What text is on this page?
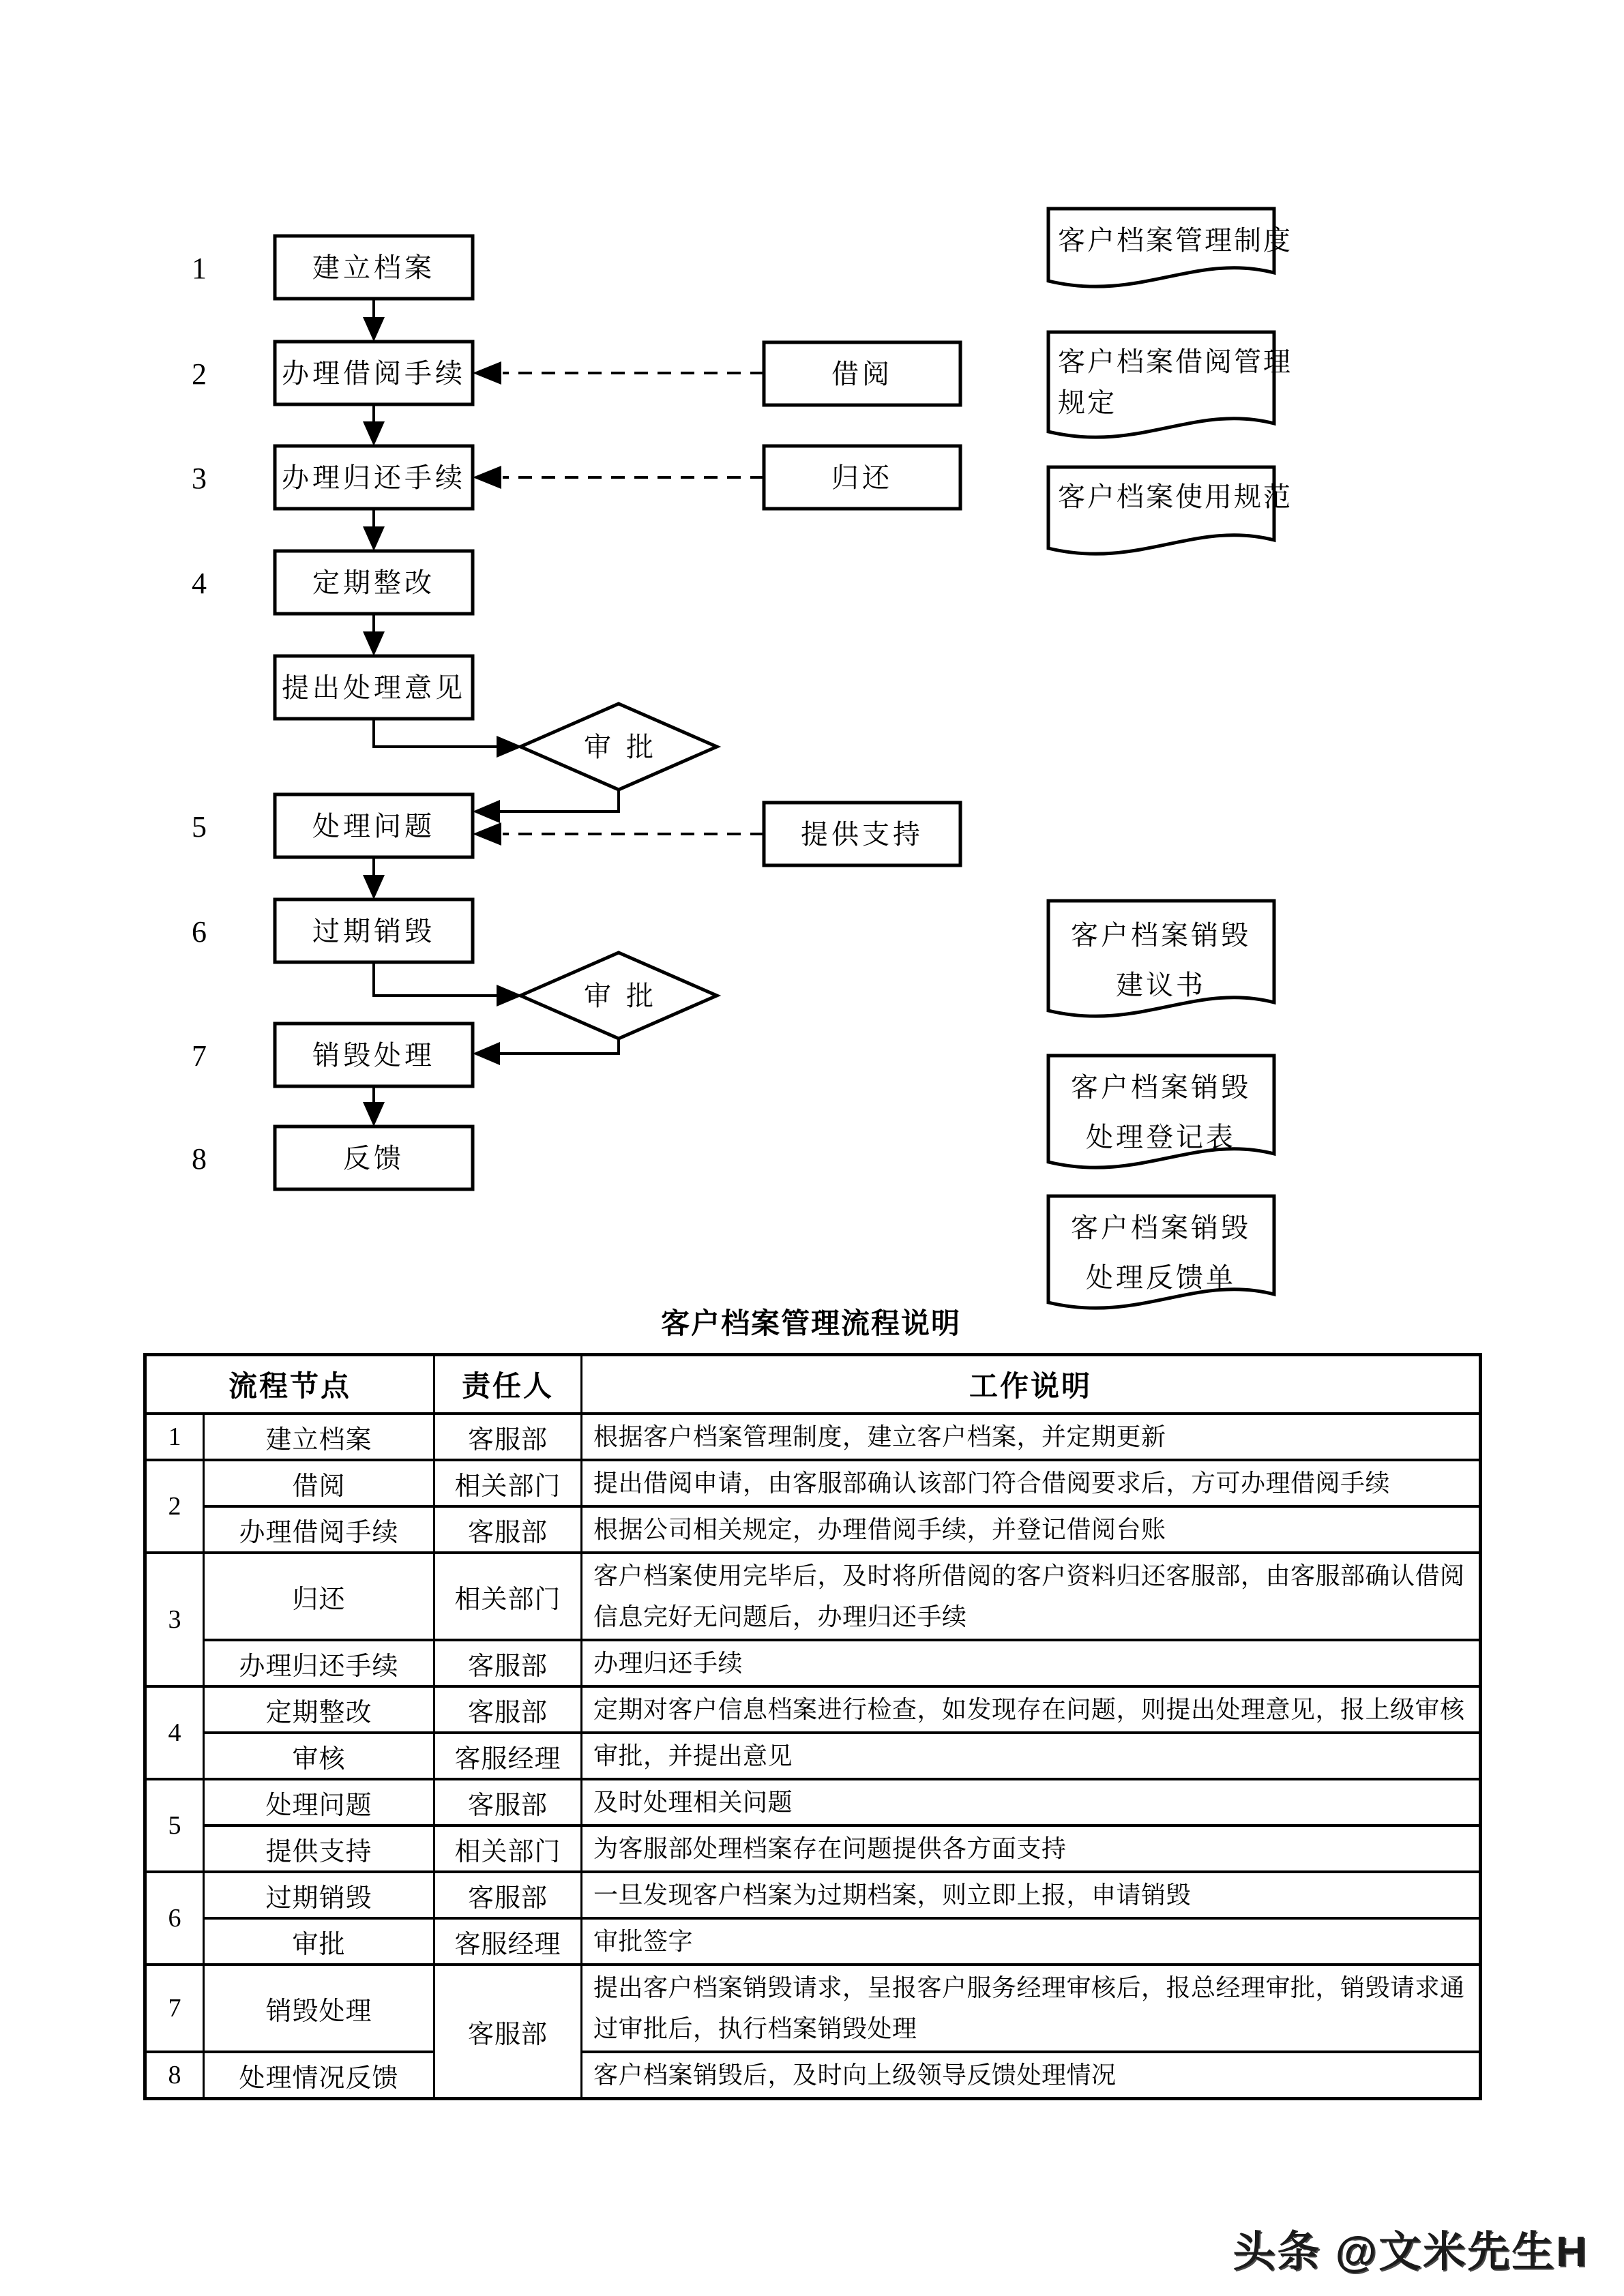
1
2
3
4
5
6
7
8
建立档案
办理借阅手续
办理归还手续
定期整改
提出处理意见
处理问题
过期销毁
销毁处理
反馈
借阅
归还
提供支持
审批
审批
客户档案管理制度
客户档案借阅管理
规定
客户档案使用规范
客户档案销毁
建议书
客户档案销毁
处理登记表
客户档案销毁
处理反馈单
客户档案管理流程说明
流程节点		责任人	工作说明
1	建立档案	客服部	根据客户档案管理制度，建立客户档案，并定期更新
2	借阅	相关部门	提出借阅申请，由客服部确认该部门符合借阅要求后，方可办理借阅手续
	办理借阅手续	客服部	根据公司相关规定，办理借阅手续，并登记借阅台账
3	归还	相关部门	客户档案使用完毕后，及时将所借阅的客户资料归还客服部，由客服部确认借阅信息完好无问题后，办理归还手续
	办理归还手续	客服部	办理归还手续
4	定期整改	客服部	定期对客户信息档案进行检查，如发现存在问题，则提出处理意见，报上级审核
	审核	客服经理	审批，并提出意见
5	处理问题	客服部	及时处理相关问题
	提供支持	相关部门	为客服部处理档案存在问题提供各方面支持
6	过期销毁	客服部	一旦发现客户档案为过期档案，则立即上报，申请销毁
	审批	客服经理	审批签字
7	销毁处理	客服部	提出客户档案销毁请求，呈报客户服务经理审核后，报总经理审批，销毁请求通过审批后，执行档案销毁处理
8	处理情况反馈		客户档案销毁后，及时向上级领导反馈处理情况
头条 @文米先生H
